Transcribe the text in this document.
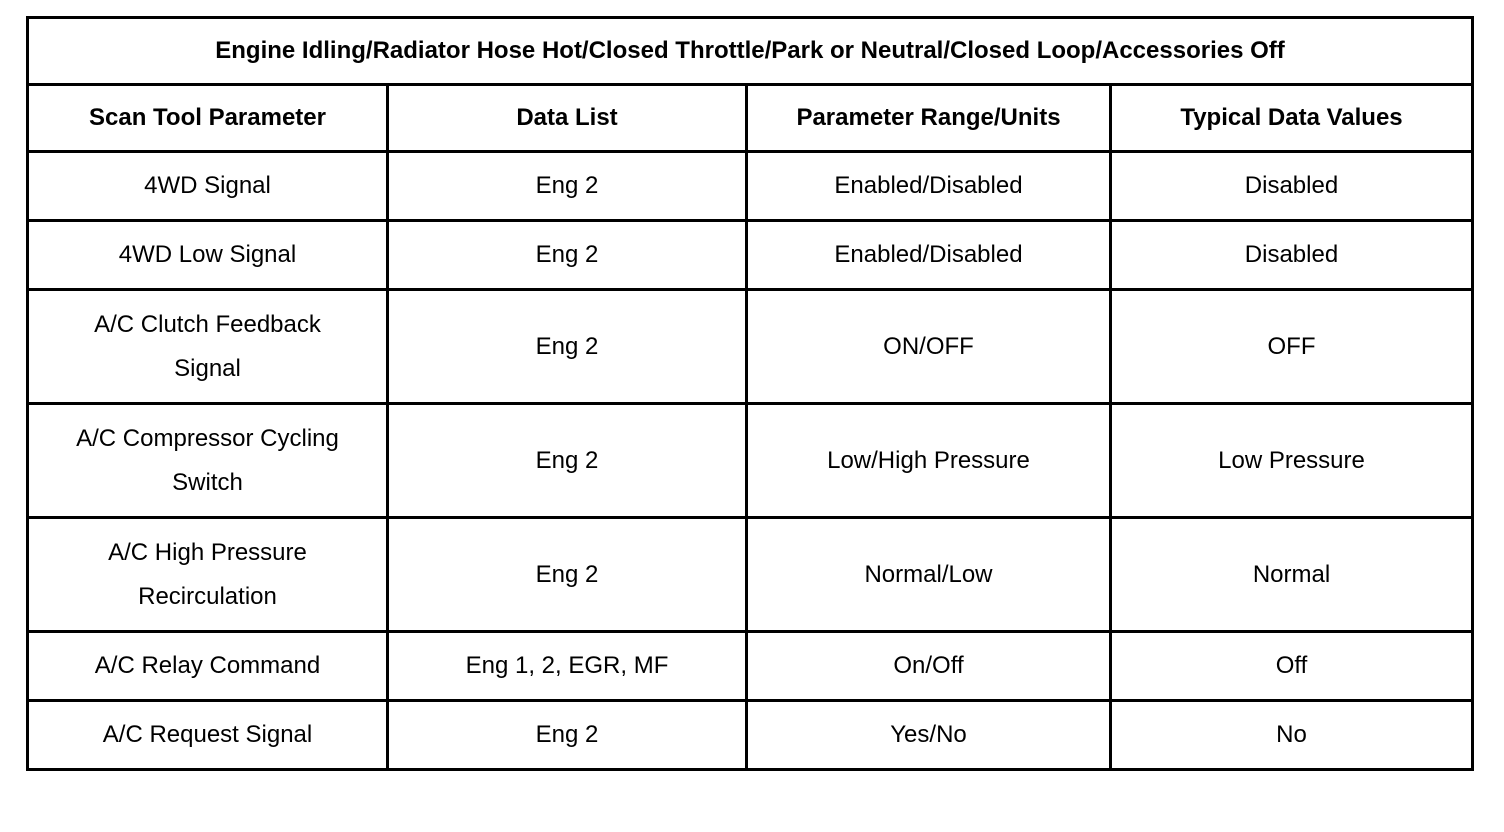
Engine Idling/Radiator Hose Hot/Closed Throttle/Park or Neutral/Closed Loop/Accessories Off			
Scan Tool Parameter	Data List	Parameter Range/Units	Typical Data Values
4WD Signal	Eng 2	Enabled/Disabled	Disabled
4WD Low Signal	Eng 2	Enabled/Disabled	Disabled
A/C Clutch Feedback Signal	Eng 2	ON/OFF	OFF
A/C Compressor Cycling Switch	Eng 2	Low/High Pressure	Low Pressure
A/C High Pressure Recirculation	Eng 2	Normal/Low	Normal
A/C Relay Command	Eng 1, 2, EGR, MF	On/Off	Off
A/C Request Signal	Eng 2	Yes/No	No
